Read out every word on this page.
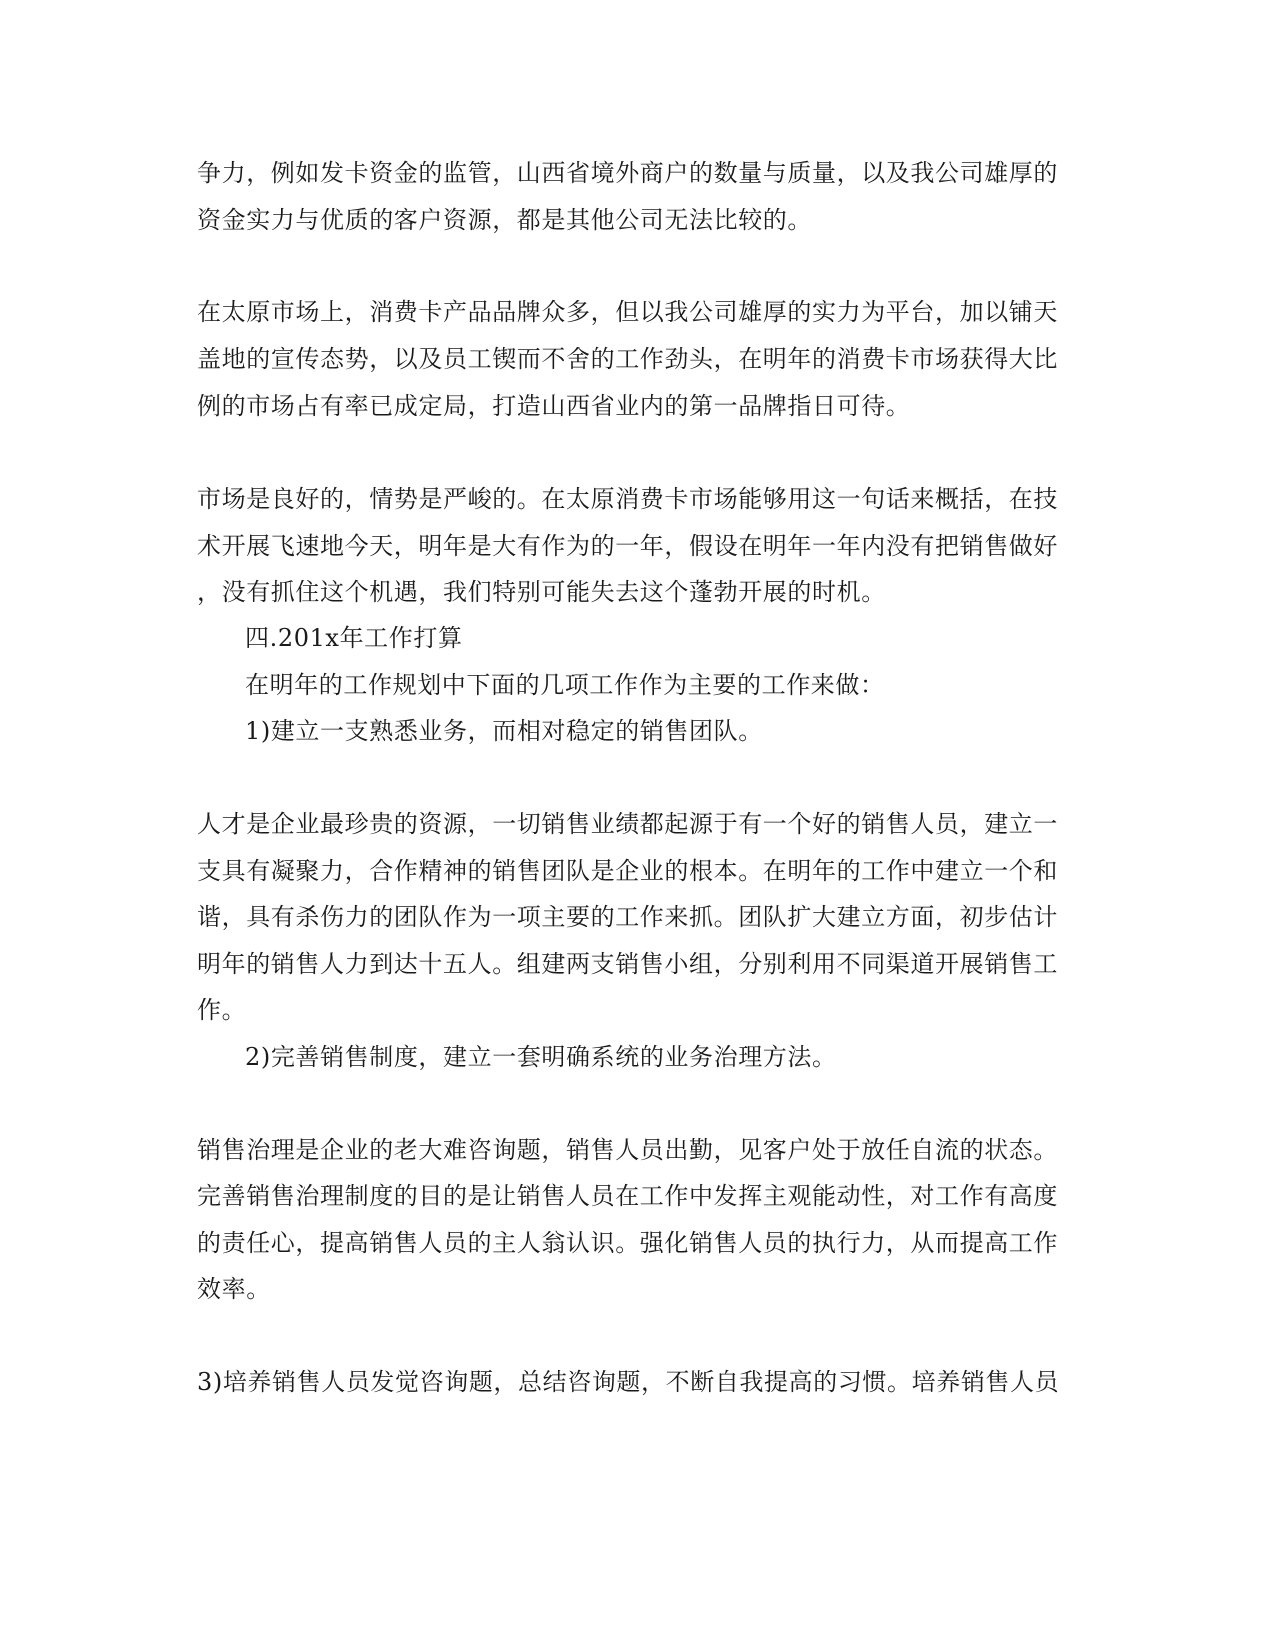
争力，例如发卡资金的监管，山西省境外商户的数量与质量，以及我公司雄厚的
资金实力与优质的客户资源，都是其他公司无法比较的。
在太原市场上，消费卡产品品牌众多，但以我公司雄厚的实力为平台，加以铺天
盖地的宣传态势，以及员工锲而不舍的工作劲头，在明年的消费卡市场获得大比
例的市场占有率已成定局，打造山西省业内的第一品牌指日可待。
市场是良好的，情势是严峻的。在太原消费卡市场能够用这一句话来概括，在技
术开展飞速地今天，明年是大有作为的一年，假设在明年一年内没有把销售做好
，没有抓住这个机遇，我们特别可能失去这个蓬勃开展的时机。
四.201x年工作打算
在明年的工作规划中下面的几项工作作为主要的工作来做：
1)建立一支熟悉业务，而相对稳定的销售团队。
人才是企业最珍贵的资源，一切销售业绩都起源于有一个好的销售人员，建立一
支具有凝聚力，合作精神的销售团队是企业的根本。在明年的工作中建立一个和
谐，具有杀伤力的团队作为一项主要的工作来抓。团队扩大建立方面，初步估计
明年的销售人力到达十五人。组建两支销售小组，分别利用不同渠道开展销售工
作。
2)完善销售制度，建立一套明确系统的业务治理方法。
销售治理是企业的老大难咨询题，销售人员出勤，见客户处于放任自流的状态。
完善销售治理制度的目的是让销售人员在工作中发挥主观能动性，对工作有高度
的责任心，提高销售人员的主人翁认识。强化销售人员的执行力，从而提高工作
效率。
3)培养销售人员发觉咨询题，总结咨询题，不断自我提高的习惯。培养销售人员
